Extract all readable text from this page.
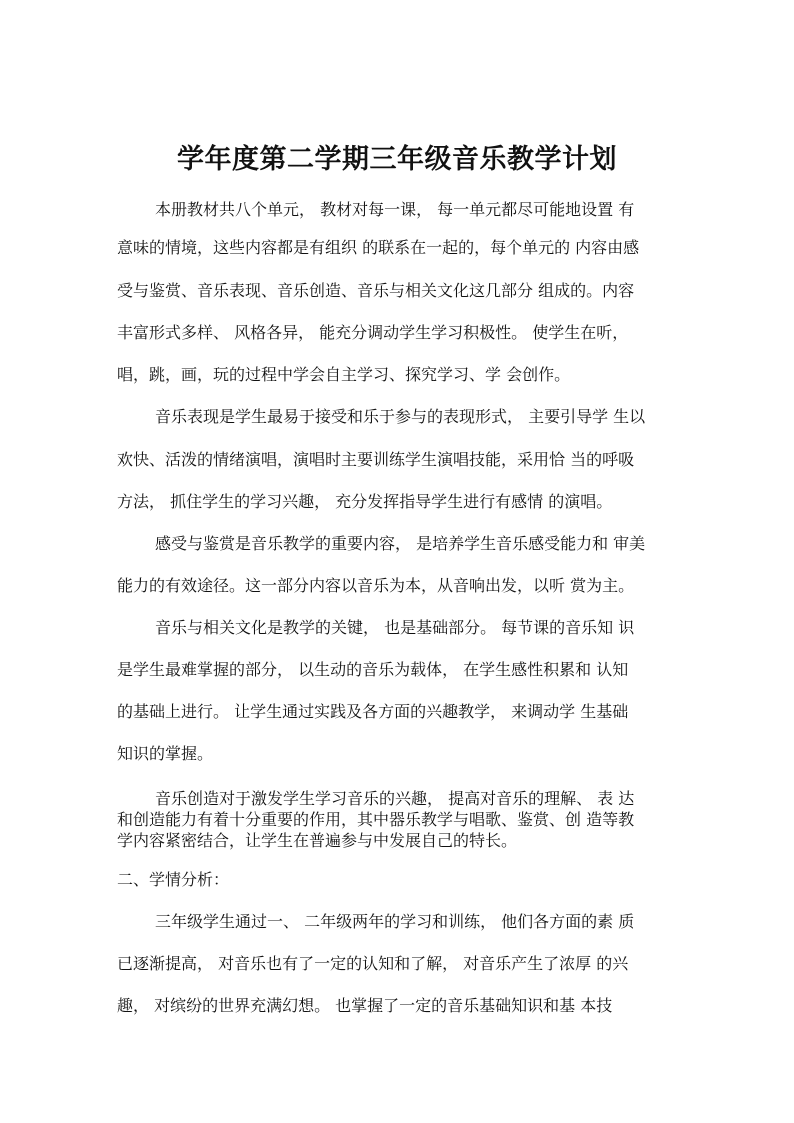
学年度第二学期三年级音乐教学计划

本册教材共八个单元， 教材对每一课， 每一单元都尽可能地设置 有

意味的情境，这些内容都是有组织 的联系在一起的，每个单元的 内容由感

受与鉴赏、音乐表现、音乐创造、音乐与相关文化这几部分 组成的。内容

丰富形式多样、 风格各异， 能充分调动学生学习积极性。 使学生在听，

唱，跳，画，玩的过程中学会自主学习、探究学习、学 会创作。

音乐表现是学生最易于接受和乐于参与的表现形式， 主要引导学 生以

欢快、活泼的情绪演唱，演唱时主要训练学生演唱技能，采用恰 当的呼吸

方法， 抓住学生的学习兴趣， 充分发挥指导学生进行有感情 的演唱。

感受与鉴赏是音乐教学的重要内容， 是培养学生音乐感受能力和 审美

能力的有效途径。这一部分内容以音乐为本，从音响出发，以听 赏为主。

音乐与相关文化是教学的关键， 也是基础部分。 每节课的音乐知 识

是学生最难掌握的部分， 以生动的音乐为载体， 在学生感性积累和 认知

的基础上进行。 让学生通过实践及各方面的兴趣教学， 来调动学 生基础

知识的掌握。

音乐创造对于激发学生学习音乐的兴趣， 提高对音乐的理解、 表 达

和创造能力有着十分重要的作用，其中器乐教学与唱歌、鉴赏、创 造等教

学内容紧密结合，让学生在普遍参与中发展自己的特长。

二、学情分析：

三年级学生通过一、 二年级两年的学习和训练， 他们各方面的素 质

已逐渐提高， 对音乐也有了一定的认知和了解， 对音乐产生了浓厚 的兴

趣， 对缤纷的世界充满幻想。 也掌握了一定的音乐基础知识和基 本技
